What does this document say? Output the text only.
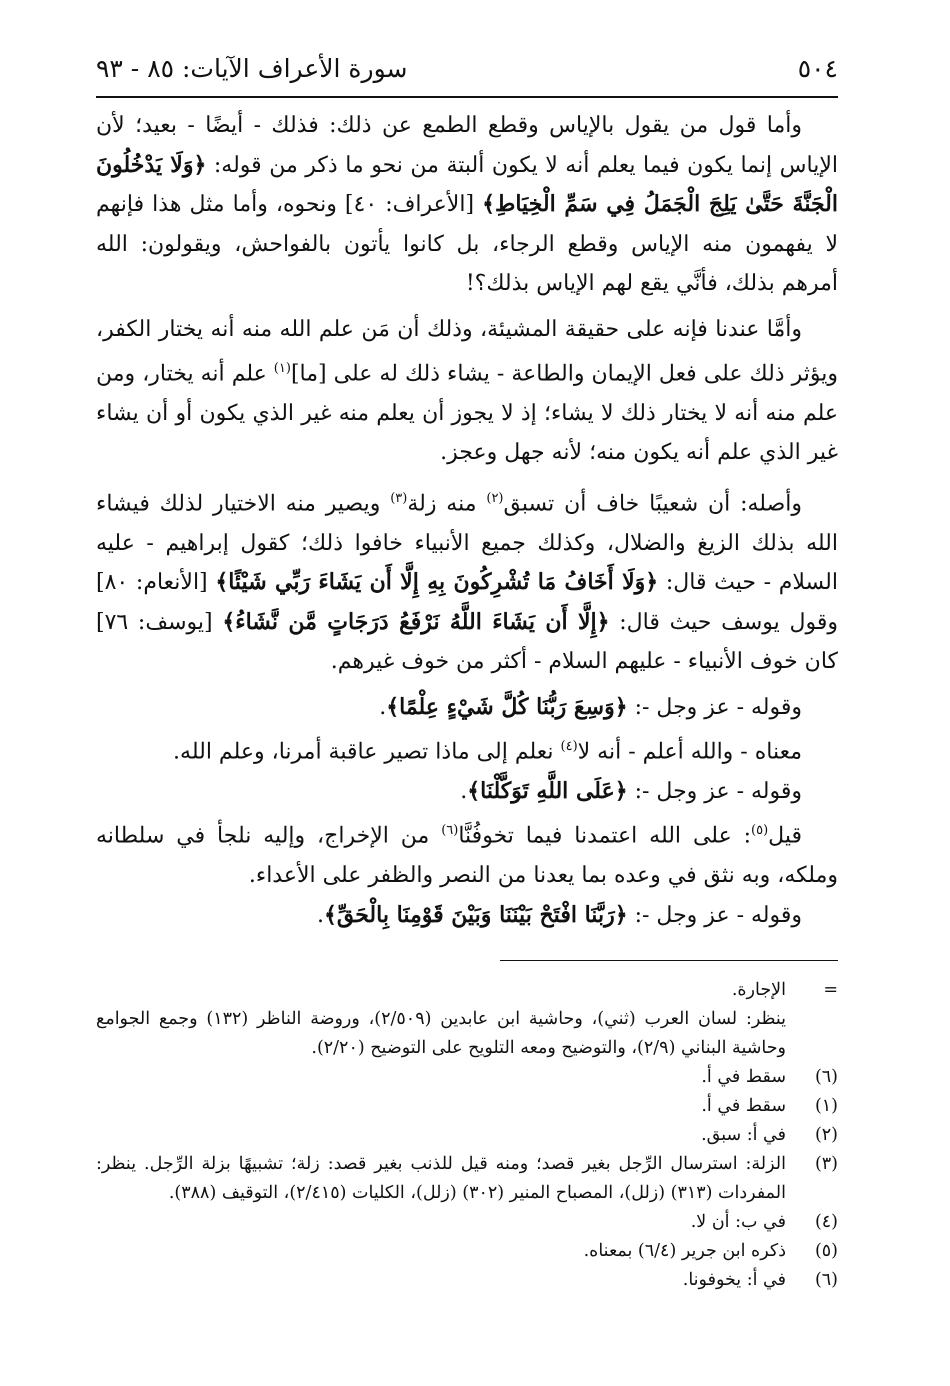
٥٠٤
سورة الأعراف الآيات: ٨٥ - ٩٣

وأما قول من يقول بالإياس وقطع الطمع عن ذلك: فذلك - أيضًا - بعيد؛ لأن الإياس إنما يكون فيما يعلم أنه لا يكون ألبتة من نحو ما ذكر من قوله: ﴿وَلَا يَدْخُلُونَ الْجَنَّةَ حَتَّىٰ يَلِجَ الْجَمَلُ فِي سَمِّ الْخِيَاطِ﴾ [الأعراف: ٤٠] ونحوه، وأما مثل هذا فإنهم لا يفهمون منه الإياس وقطع الرجاء، بل كانوا يأتون بالفواحش، ويقولون: الله أمرهم بذلك، فأنَّي يقع لهم الإياس بذلك؟!

وأمَّا عندنا فإنه على حقيقة المشيئة، وذلك أن مَن علم الله منه أنه يختار الكفر، ويؤثر ذلك على فعل الإيمان والطاعة - يشاء ذلك له على [ما]$^{(١)}$ علم أنه يختار، ومن علم منه أنه لا يختار ذلك لا يشاء؛ إذ لا يجوز أن يعلم منه غير الذي يكون أو أن يشاء غير الذي علم أنه يكون منه؛ لأنه جهل وعجز.

وأصله: أن شعيبًا خاف أن تسبق$^{(٢)}$ منه زلة$^{(٣)}$ ويصير منه الاختيار لذلك فيشاء الله بذلك الزيغ والضلال، وكذلك جميع الأنبياء خافوا ذلك؛ كقول إبراهيم - عليه السلام - حيث قال: ﴿وَلَا أَخَافُ مَا تُشْرِكُونَ بِهِ إِلَّا أَن يَشَاءَ رَبِّي شَيْئًا﴾ [الأنعام: ٨٠] وقول يوسف حيث قال: ﴿إِلَّا أَن يَشَاءَ اللَّهُ نَرْفَعُ دَرَجَاتٍ مَّن نَّشَاءُ﴾ [يوسف: ٧٦] كان خوف الأنبياء - عليهم السلام - أكثر من خوف غيرهم.

وقوله - عز وجل -: ﴿وَسِعَ رَبُّنَا كُلَّ شَيْءٍ عِلْمًا﴾.

معناه - والله أعلم - أنه لا$^{(٤)}$ نعلم إلى ماذا تصير عاقبة أمرنا، وعلم الله.

وقوله - عز وجل -: ﴿عَلَى اللَّهِ تَوَكَّلْنَا﴾.

قيل$^{(٥)}$: على الله اعتمدنا فيما تخوفُنَّا$^{(٦)}$ من الإخراج، وإليه نلجأ في سلطانه وملكه، وبه نثق في وعده بما يعدنا من النصر والظفر على الأعداء.

وقوله - عز وجل -: ﴿رَبَّنَا افْتَحْ بَيْنَنَا وَبَيْنَ قَوْمِنَا بِالْحَقِّ﴾.

=
الإجارة.
ينظر: لسان العرب (ثني)، وحاشية ابن عابدين (٢/٥٠٩)، وروضة الناظر (١٣٢) وجمع الجوامع وحاشية البناني (٢/٩)، والتوضيح ومعه التلويح على التوضيح (٢/٢٠).
(٦)
سقط في أ.
(١)
سقط في أ.
(٢)
في أ: سبق.
(٣)
الزلة: استرسال الرِّجل بغير قصد؛ ومنه قيل للذنب بغير قصد: زلة؛ تشبيهًا بزلة الرِّجل. ينظر: المفردات (٣١٣) (زلل)، المصباح المنير (٣٠٢) (زلل)، الكليات (٢/٤١٥)، التوقيف (٣٨٨).
(٤)
في ب: أن لا.
(٥)
ذكره ابن جرير (٦/٤) بمعناه.
(٦)
في أ: يخوفونا.
